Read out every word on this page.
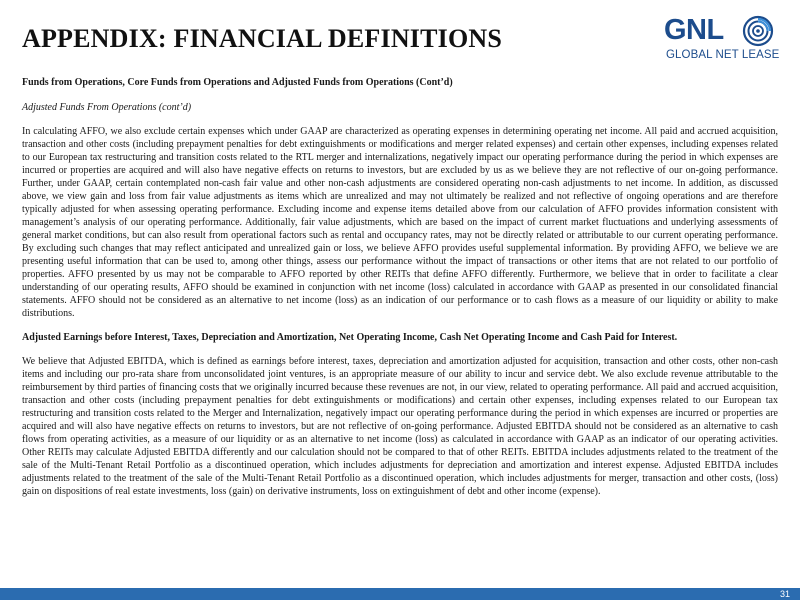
APPENDIX: FINANCIAL DEFINITIONS	GNL
GLOBAL NET LEASE

Funds from Operations, Core Funds from Operations and Adjusted Funds from Operations (Cont’d)

Adjusted Funds From Operations (cont’d)

In calculating AFFO, we also exclude certain expenses which under GAAP are characterized as operating expenses in determining operating net income. All paid and accrued acquisition, transaction and other costs (including prepayment penalties for debt extinguishments or modifications and merger related expenses) and certain other expenses, including expenses related to our European tax restructuring and transition costs related to the RTL merger and internalizations, negatively impact our operating performance during the period in which expenses are incurred or properties are acquired and will also have negative effects on returns to investors, but are excluded by us as we believe they are not reflective of our on-going performance. Further, under GAAP, certain contemplated non-cash fair value and other non-cash adjustments are considered operating non-cash adjustments to net income. In addition, as discussed above, we view gain and loss from fair value adjustments as items which are unrealized and may not ultimately be realized and not reflective of ongoing operations and are therefore typically adjusted for when assessing operating performance. Excluding income and expense items detailed above from our calculation of AFFO provides information consistent with management’s analysis of our operating performance. Additionally, fair value adjustments, which are based on the impact of current market fluctuations and underlying assessments of general market conditions, but can also result from operational factors such as rental and occupancy rates, may not be directly related or attributable to our current operating performance. By excluding such changes that may reflect anticipated and unrealized gain or loss, we believe AFFO provides useful supplemental information. By providing AFFO, we believe we are presenting useful information that can be used to, among other things, assess our performance without the impact of transactions or other items that are not related to our portfolio of properties. AFFO presented by us may not be comparable to AFFO reported by other REITs that define AFFO differently. Furthermore, we believe that in order to facilitate a clear understanding of our operating results, AFFO should be examined in conjunction with net income (loss) calculated in accordance with GAAP as presented in our consolidated financial statements. AFFO should not be considered as an alternative to net income (loss) as an indication of our performance or to cash flows as a measure of our liquidity or ability to make distributions.

Adjusted Earnings before Interest, Taxes, Depreciation and Amortization, Net Operating Income, Cash Net Operating Income and Cash Paid for Interest.

We believe that Adjusted EBITDA, which is defined as earnings before interest, taxes, depreciation and amortization adjusted for acquisition, transaction and other costs, other non-cash items and including our pro-rata share from unconsolidated joint ventures, is an appropriate measure of our ability to incur and service debt. We also exclude revenue attributable to the reimbursement by third parties of financing costs that we originally incurred because these revenues are not, in our view, related to operating performance. All paid and accrued acquisition, transaction and other costs (including prepayment penalties for debt extinguishments or modifications) and certain other expenses, including expenses related to our European tax restructuring and transition costs related to the Merger and Internalization, negatively impact our operating performance during the period in which expenses are incurred or properties are acquired and will also have negative effects on returns to investors, but are not reflective of on-going performance. Adjusted EBITDA should not be considered as an alternative to cash flows from operating activities, as a measure of our liquidity or as an alternative to net income (loss) as calculated in accordance with GAAP as an indicator of our operating activities. Other REITs may calculate Adjusted EBITDA differently and our calculation should not be compared to that of other REITs. EBITDA includes adjustments related to the treatment of the sale of the Multi-Tenant Retail Portfolio as a discontinued operation, which includes adjustments for depreciation and amortization and interest expense. Adjusted EBITDA includes adjustments related to the treatment of the sale of the Multi-Tenant Retail Portfolio as a discontinued operation, which includes adjustments for merger, transaction and other costs, (loss) gain on dispositions of real estate investments, loss (gain) on derivative instruments, loss on extinguishment of debt and other income (expense).

31
